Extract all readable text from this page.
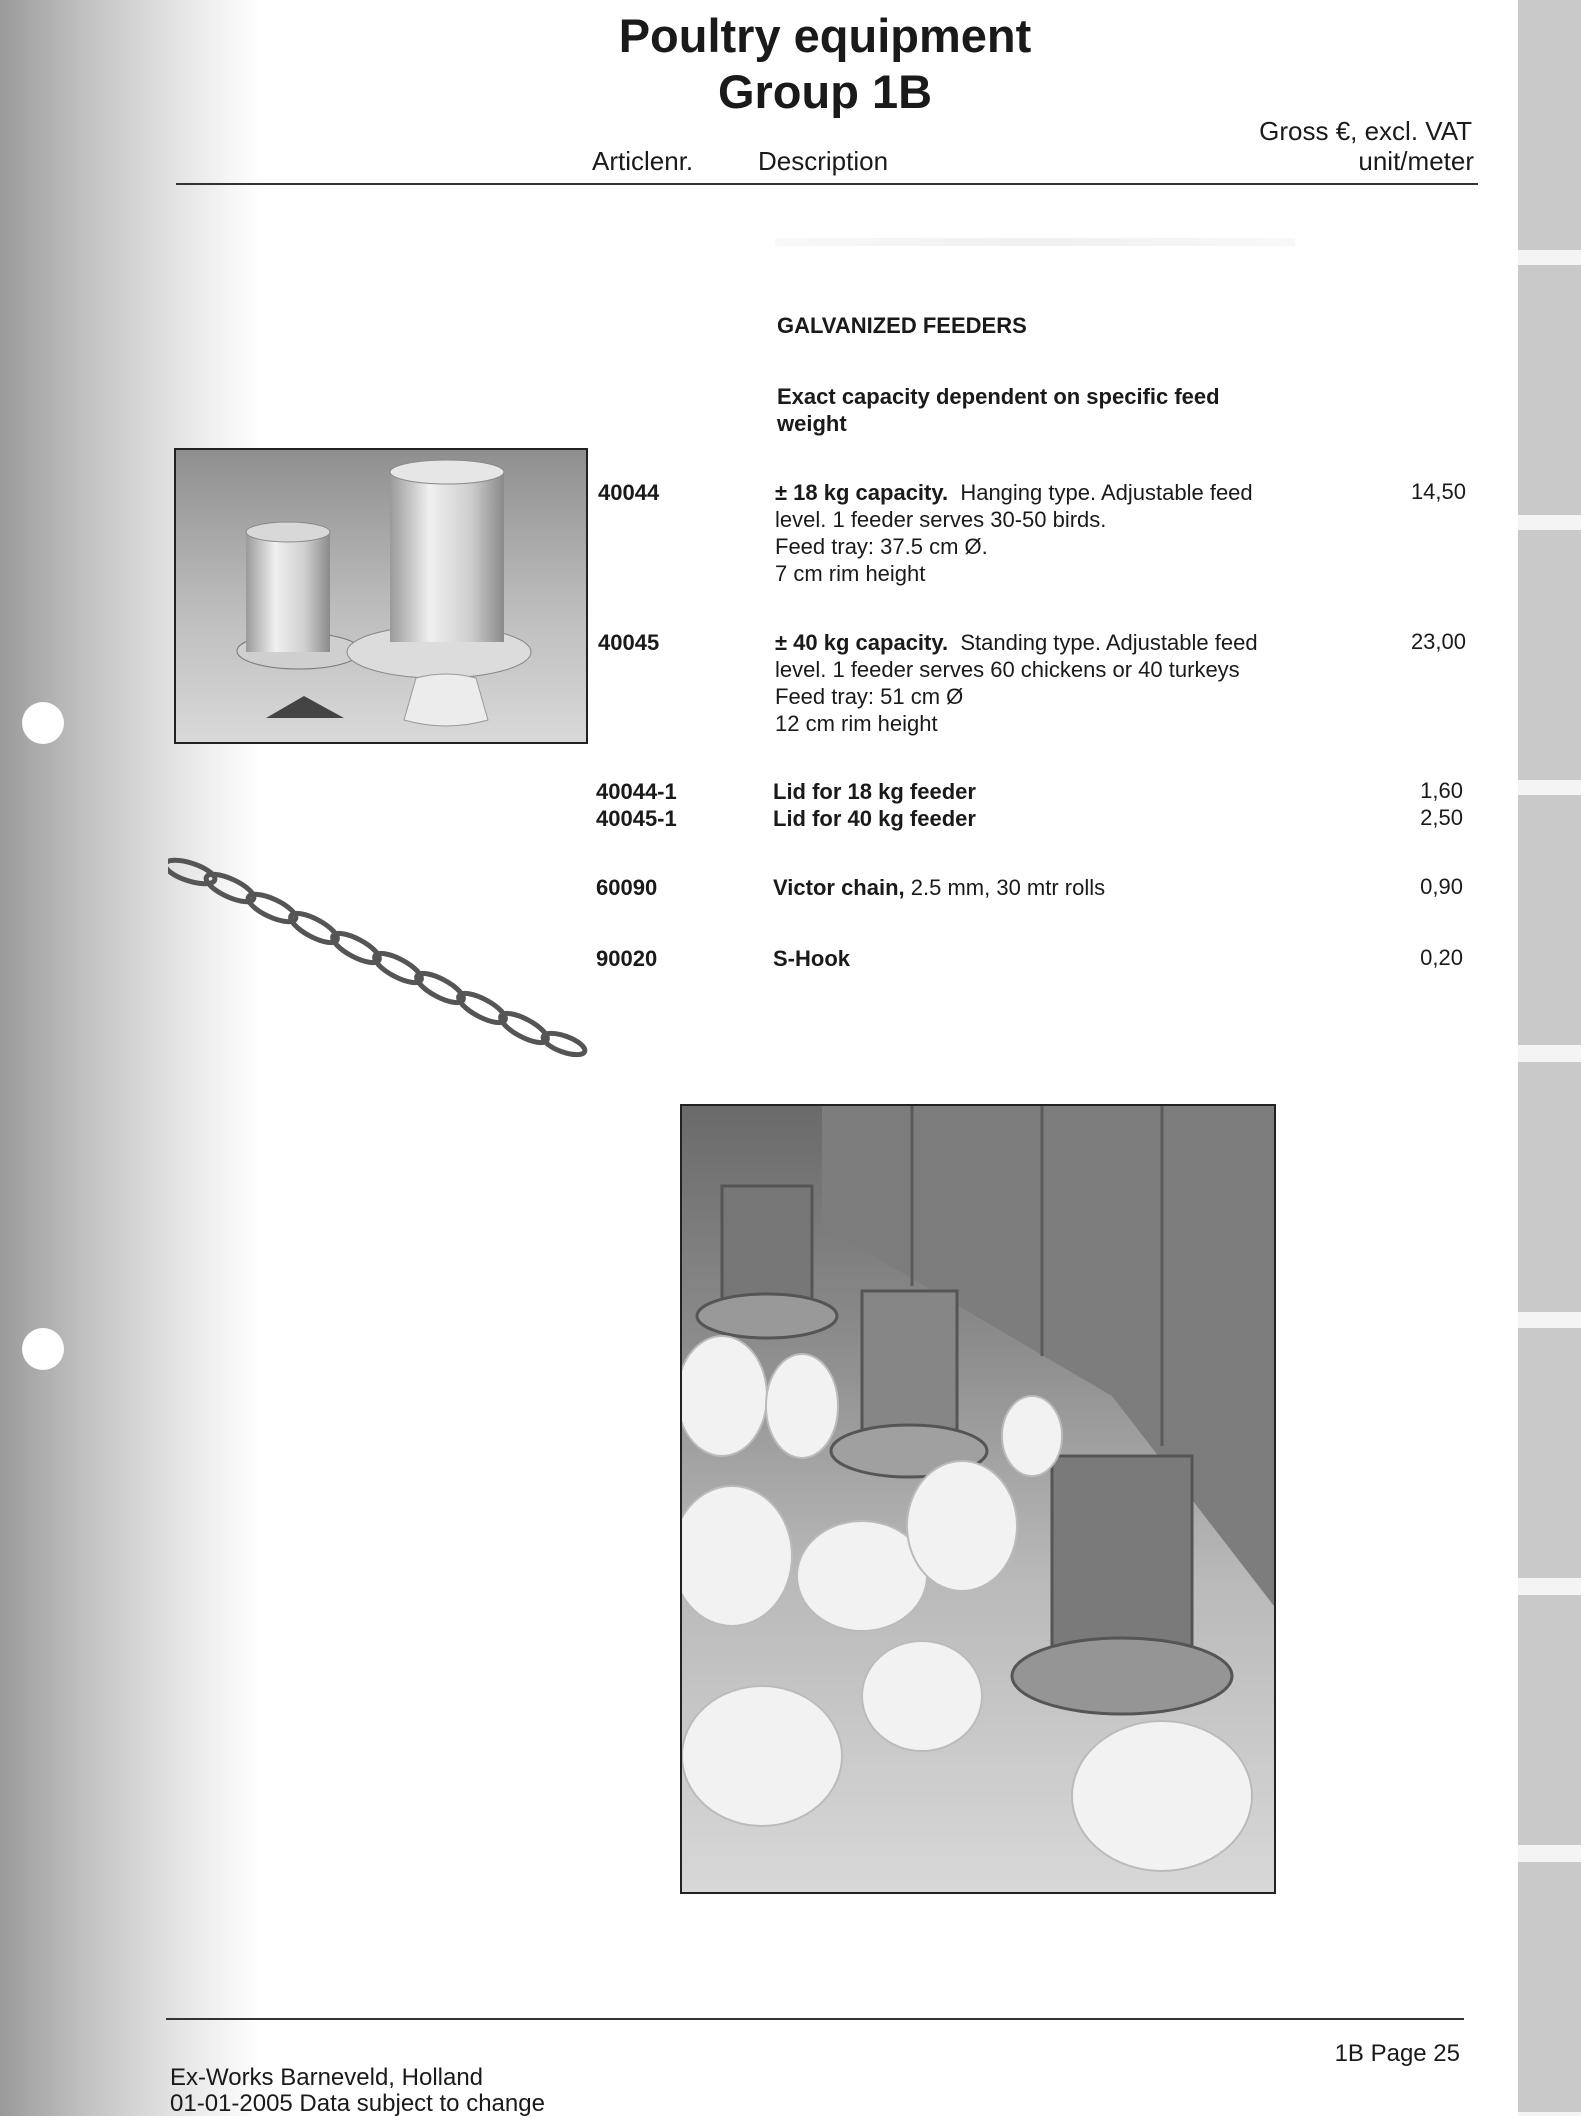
Poultry equipment
Group 1B
Gross €, excl. VAT
Articlenr. Description	unit/meter
GALVANIZED FEEDERS
Exact capacity dependent on specific feed
weight
40044	± 18 kg capacity. Hanging type. Adjustable feed
level. 1 feeder serves 30-50 birds.
Feed tray: 37.5 cm Ø.
7 cm rim height
14,50
40045	± 40 kg capacity. Standing type. Adjustable feed
level. 1 feeder serves 60 chickens or 40 turkeys
Feed tray: 51 cm Ø
12 cm rim height
23,00
40044-1	Lid for 18 kg feeder	1,60
40045-1	Lid for 40 kg feeder	2,50
60090	Victor chain, 2.5 mm, 30 mtr rolls	0,90
90020	S-Hook	0,20
1B Page 25
Ex-Works Barneveld, Holland
01-01-2005 Data subject to change
